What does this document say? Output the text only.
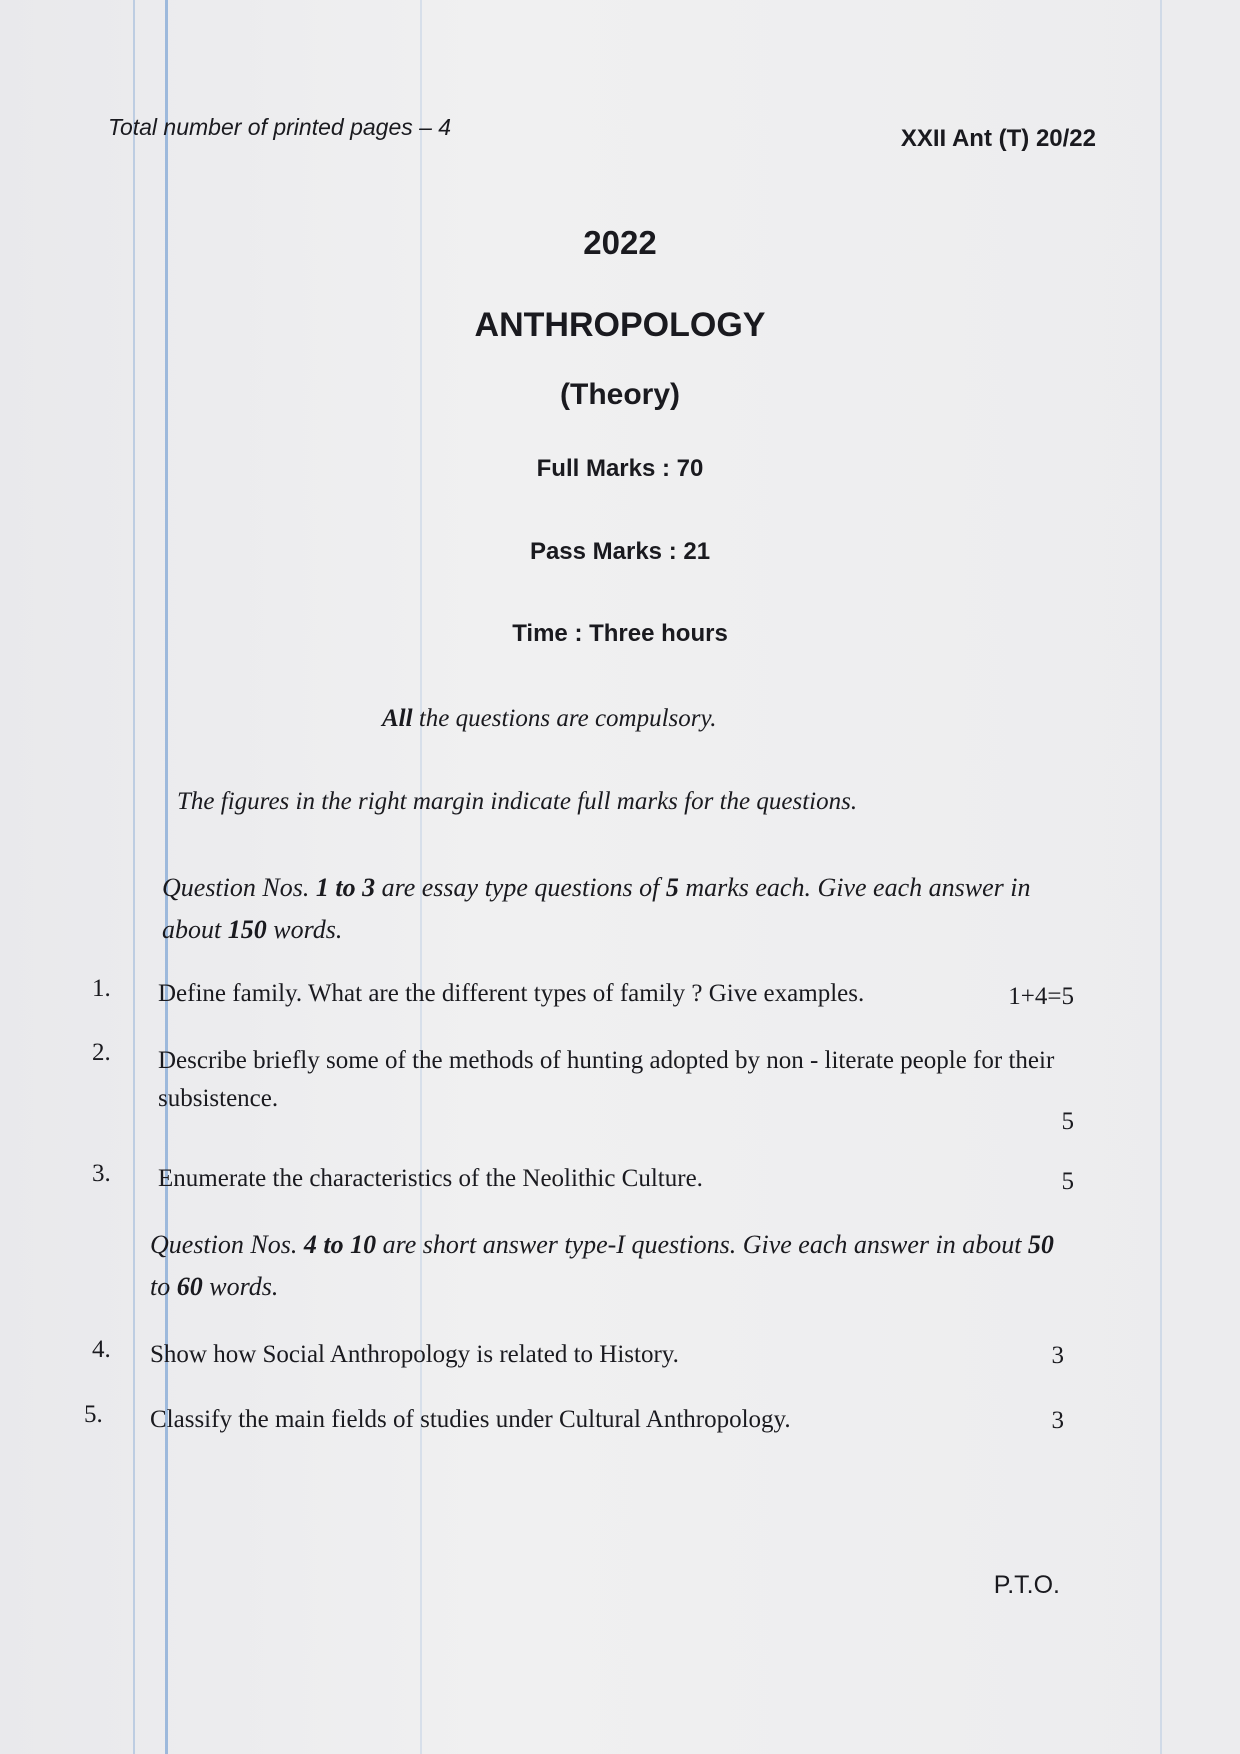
Total number of printed pages – 4	XXII Ant (T) 20/22
2022
ANTHROPOLOGY
(Theory)
Full Marks : 70
Pass Marks : 21
Time : Three hours
All the questions are compulsory.
The figures in the right margin indicate full marks for the questions.
Question Nos. 1 to 3 are essay type questions of 5 marks each. Give each answer in about 150 words.
1. Define family. What are the different types of family ? Give examples.	1+4=5
2. Describe briefly some of the methods of hunting adopted by non - literate people for their subsistence.
5
3. Enumerate the characteristics of the Neolithic Culture.	5
Question Nos. 4 to 10 are short answer type-I questions. Give each answer in about 50 to 60 words.
4. Show how Social Anthropology is related to History.	3
5. Classify the main fields of studies under Cultural Anthropology.	3
P.T.O.
